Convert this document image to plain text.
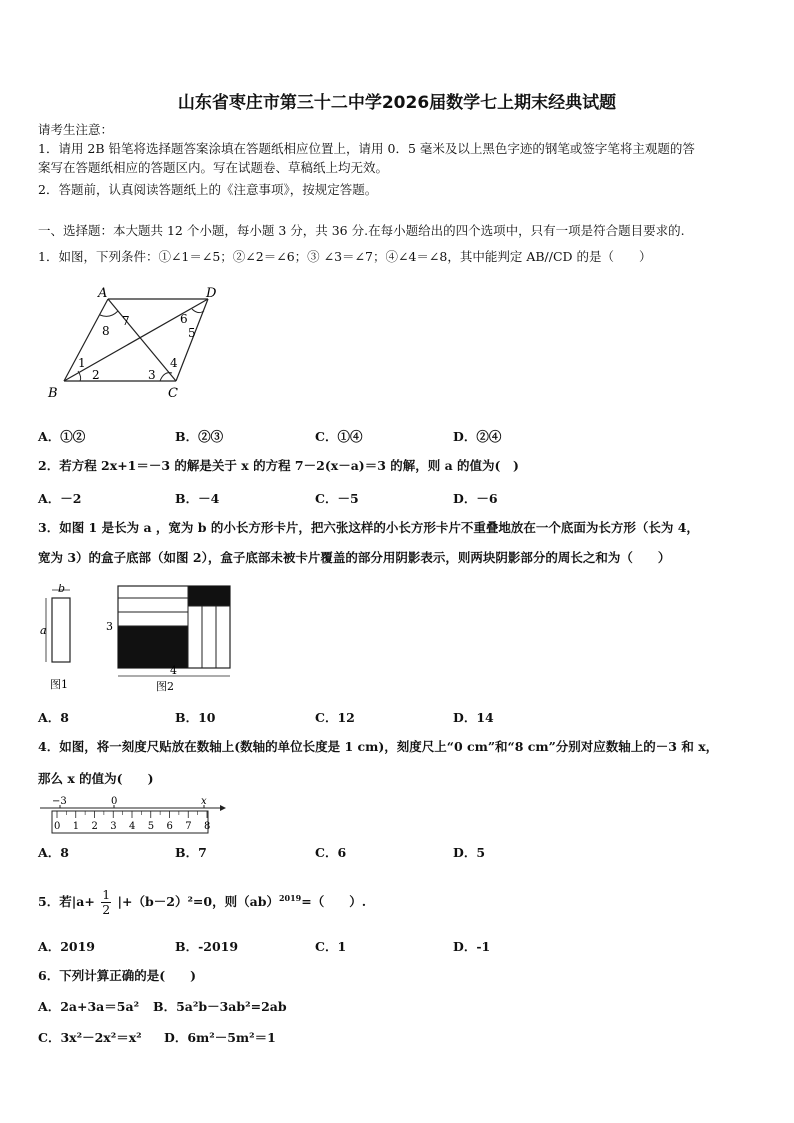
山东省枣庄市第三十二中学2026届数学七上期末经典试题
请考生注意：
1．请用 2B 铅笔将选择题答案涂填在答题纸相应位置上，请用 0．5 毫米及以上黑色字迹的钢笔或签字笔将主观题的答
案写在答题纸相应的答题区内。写在试题卷、草稿纸上均无效。
2．答题前，认真阅读答题纸上的《注意事项》，按规定答题。
一、选择题：本大题共 12 个小题，每小题 3 分，共 36 分.在每小题给出的四个选项中，只有一项是符合题目要求的.
1．如图，下列条件：①∠1＝∠5；②∠2＝∠6；③ ∠3＝∠7；④∠4＝∠8，其中能判定 AB//CD 的是（　　）
A	D
B	C
1
2	3
4
5
6
7
8
A．①②	B．②③	C．①④	D．②④
2．若方程 2x+1＝－3 的解是关于 x 的方程 7－2(x－a)＝3 的解，则 a 的值为(　)
A．－2	B．－4	C．－5	D．－6
3．如图 1 是长为 a ，宽为 b 的小长方形卡片，把六张这样的小长方形卡片不重叠地放在一个底面为长方形（长为 4，
宽为 3）的盒子底部（如图 2），盒子底部未被卡片覆盖的部分用阴影表示，则两块阴影部分的周长之和为（　　）
b
a
图1
3
4
图2
A．8	B．10	C．12	D．14
4．如图，将一刻度尺贴放在数轴上(数轴的单位长度是 1 cm)，刻度尺上“0 cm”和“8 cm”分别对应数轴上的－3 和 x，
那么 x 的值为(　　)
−3	0	x
0 1 2 3 4 5 6 7 8
A．8	B．7	C．6	D．5
5．若$|a+ \frac{1}{2} |+(b-2)^2=0$，则（ab）$^{2019}$=（　　）.
A．2019	B．-2019	C．1	D．-1
6．下列计算正确的是(　　)
A．2a+3a＝5a² B．5a²b－3ab²=2ab
C．3x²－2x²＝x² D．6m²－5m²＝1
